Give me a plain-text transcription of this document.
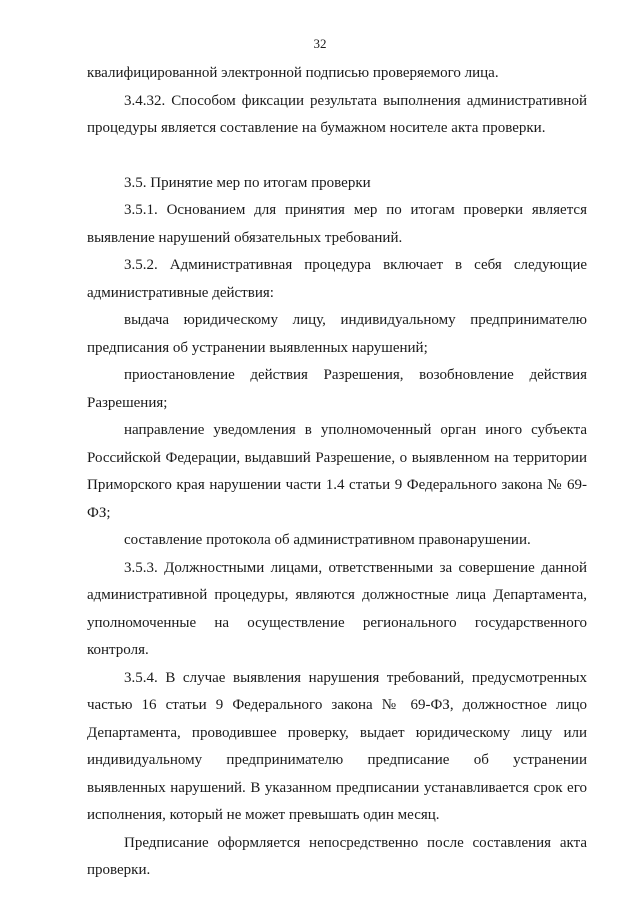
32

квалифицированной электронной подписью проверяемого лица.

3.4.32. Способом фиксации результата выполнения административной процедуры является составление на бумажном носителе акта проверки.

3.5. Принятие мер по итогам проверки

3.5.1. Основанием для принятия мер по итогам проверки является выявление нарушений обязательных требований.

3.5.2. Административная процедура включает в себя следующие административные действия:

выдача юридическому лицу, индивидуальному предпринимателю предписания об устранении выявленных нарушений;

приостановление действия Разрешения, возобновление действия Разрешения;

направление уведомления в уполномоченный орган иного субъекта Российской Федерации, выдавший Разрешение, о выявленном на территории Приморского края нарушении части 1.4 статьи 9 Федерального закона № 69-ФЗ;

составление протокола об административном правонарушении.

3.5.3. Должностными лицами, ответственными за совершение данной административной процедуры, являются должностные лица Департамента, уполномоченные на осуществление регионального государственного контроля.

3.5.4. В случае выявления нарушения требований, предусмотренных частью 16 статьи 9 Федерального закона № 69-ФЗ, должностное лицо Департамента, проводившее проверку, выдает юридическому лицу или индивидуальному предпринимателю предписание об устранении выявленных нарушений. В указанном предписании устанавливается срок его исполнения, который не может превышать один месяц.

Предписание оформляется непосредственно после составления акта проверки.
